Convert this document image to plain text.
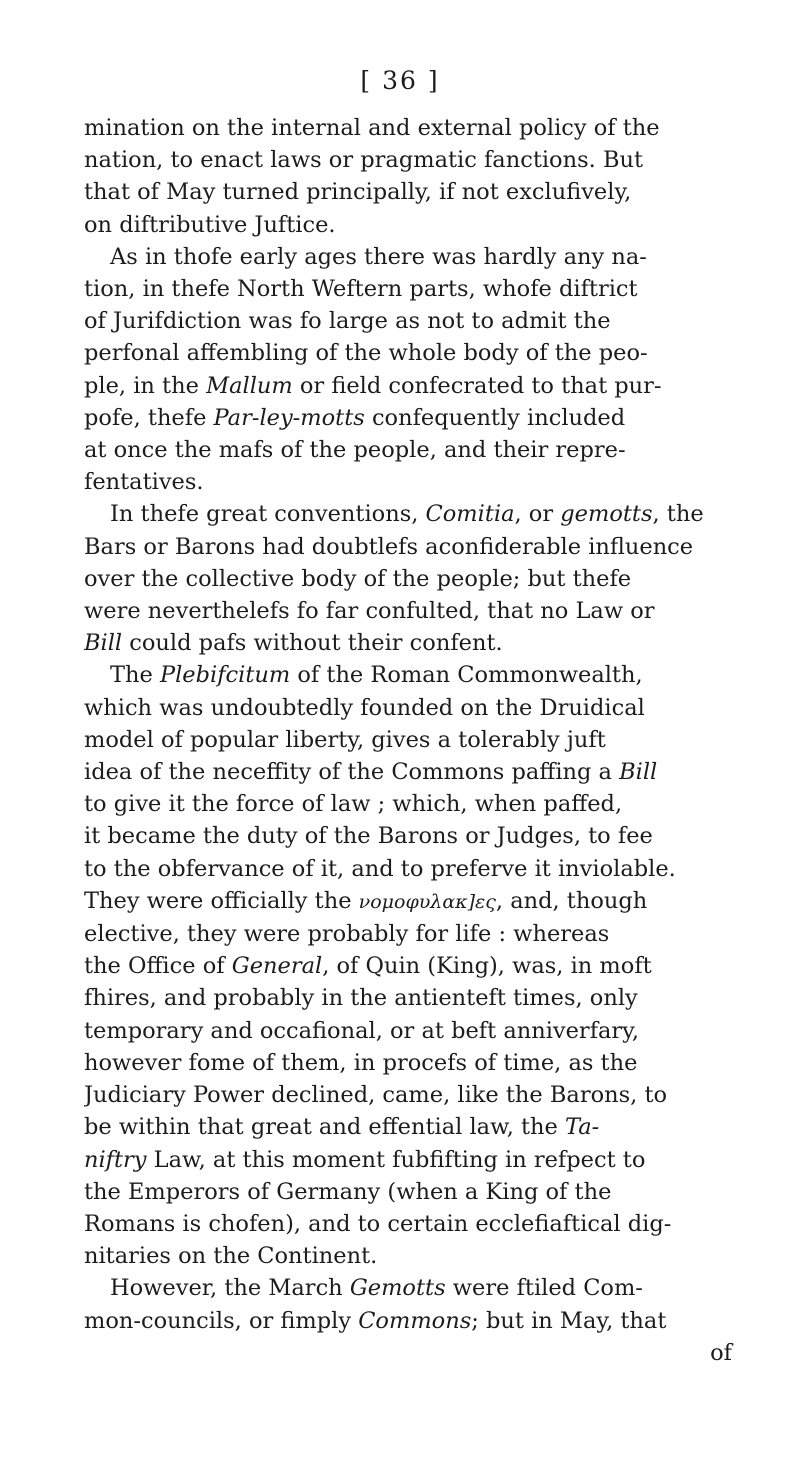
[ 36 ]
mination on the internal and external policy of the
nation, to enact laws or pragmatic fanctions. But
that of May turned principally, if not exclufively,
on diftributive Juftice.
As in thofe early ages there was hardly any na-
tion, in thefe North Weftern parts, whofe diftrict
of Jurifdiction was fo large as not to admit the
perfonal affembling of the whole body of the peo-
ple, in the Mallum or field confecrated to that pur-
pofe, thefe Par-ley-motts confequently included
at once the mafs of the people, and their repre-
fentatives.
In thefe great conventions, Comitia, or gemotts, the
Bars or Barons had doubtlefs aconfiderable influence
over the collective body of the people; but thefe
were neverthelefs fo far confulted, that no Law or
Bill could pafs without their confent.
The Plebifcitum of the Roman Commonwealth,
which was undoubtedly founded on the Druidical
model of popular liberty, gives a tolerably juft
idea of the neceffity of the Commons paffing a Bill
to give it the force of law ; which, when paffed,
it became the duty of the Barons or Judges, to fee
to the obfervance of it, and to preferve it inviolable.
They were officially the νομοφυλακ]ες, and, though
elective, they were probably for life : whereas
the Office of General, of Quin (King), was, in moft
fhires, and probably in the antienteft times, only
temporary and occafional, or at beft anniverfary,
however fome of them, in procefs of time, as the
Judiciary Power declined, came, like the Barons, to
be within that great and effential law, the Ta-
niftry Law, at this moment fubfifting in refpect to
the Emperors of Germany (when a King of the
Romans is chofen), and to certain ecclefiaftical dig-
nitaries on the Continent.
However, the March Gemotts were ftiled Com-
mon-councils, or fimply Commons; but in May, that
of
